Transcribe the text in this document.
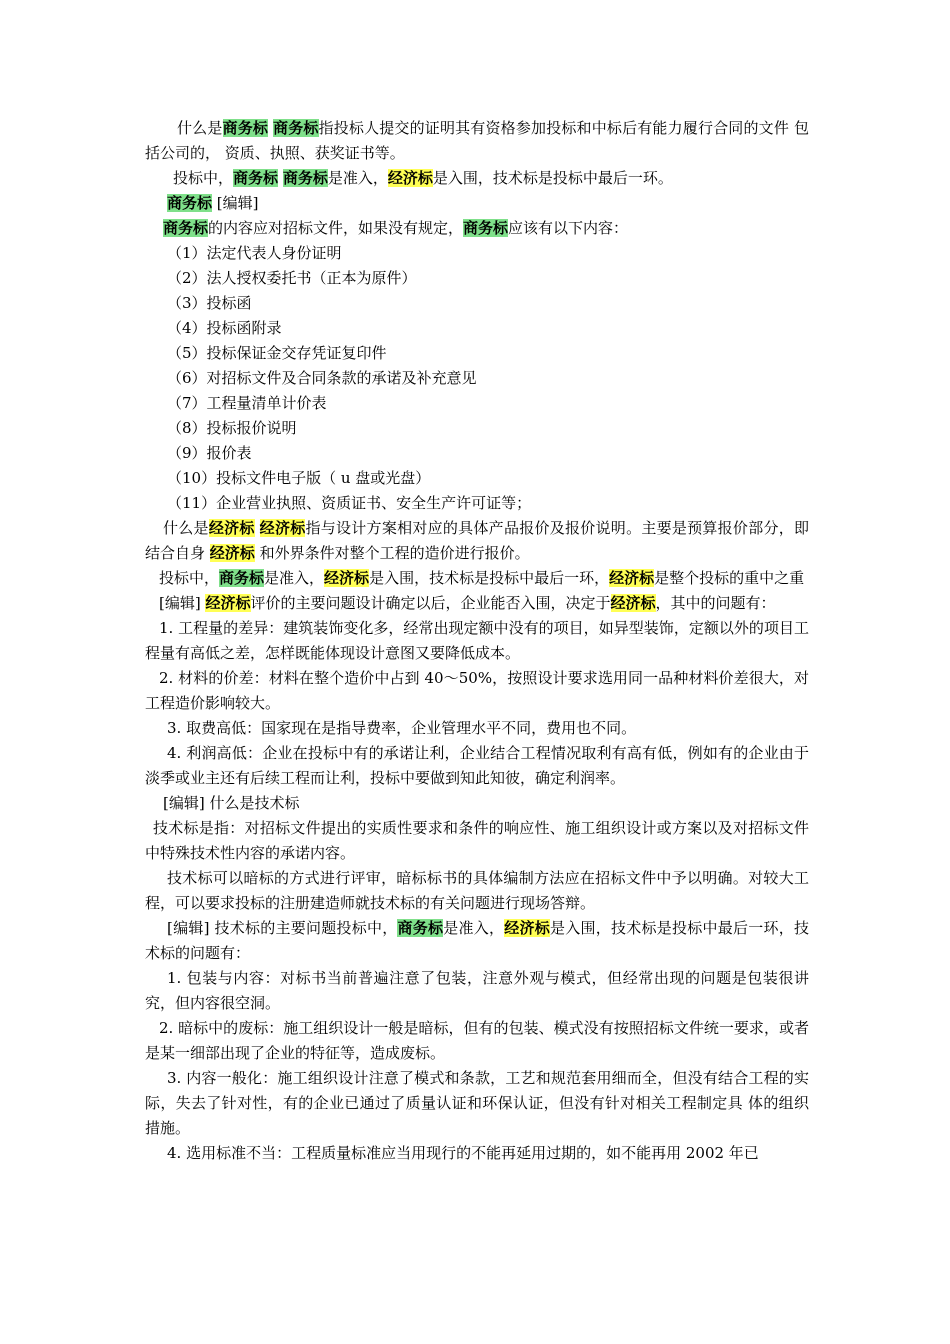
什么是商务标 商务标指投标人提交的证明其有资格参加投标和中标后有能力履行合同的文件 包括公司的， 资质、执照、获奖证书等。

投标中，商务标 商务标是准入，经济标是入围，技术标是投标中最后一环。

商务标 [编辑]

商务标的内容应对招标文件，如果没有规定，商务标应该有以下内容：

（1）法定代表人身份证明

（2）法人授权委托书（正本为原件）

（3）投标函

（4）投标函附录

（5）投标保证金交存凭证复印件

（6）对招标文件及合同条款的承诺及补充意见

（7）工程量清单计价表

（8）投标报价说明

（9）报价表

（10）投标文件电子版（ u 盘或光盘）

（11）企业营业执照、资质证书、安全生产许可证等；

什么是经济标 经济标指与设计方案相对应的具体产品报价及报价说明。主要是预算报价部分，即结合自身 经济标 和外界条件对整个工程的造价进行报价。

投标中，商务标是准入，经济标是入围，技术标是投标中最后一环，经济标是整个投标的重中之重

[编辑] 经济标评价的主要问题设计确定以后，企业能否入围，决定于经济标，其中的问题有：

1. 工程量的差异：建筑装饰变化多，经常出现定额中没有的项目，如异型装饰，定额以外的项目工程量有高低之差，怎样既能体现设计意图又要降低成本。

2. 材料的价差：材料在整个造价中占到 40～50%，按照设计要求选用同一品种材料价差很大，对工程造价影响较大。

3. 取费高低：国家现在是指导费率，企业管理水平不同，费用也不同。

4. 利润高低：企业在投标中有的承诺让利，企业结合工程情况取利有高有低，例如有的企业由于淡季或业主还有后续工程而让利，投标中要做到知此知彼，确定利润率。

[编辑] 什么是技术标

技术标是指：对招标文件提出的实质性要求和条件的响应性、施工组织设计或方案以及对招标文件中特殊技术性内容的承诺内容。

技术标可以暗标的方式进行评审，暗标标书的具体编制方法应在招标文件中予以明确。对较大工 程，可以要求投标的注册建造师就技术标的有关问题进行现场答辩。

[编辑] 技术标的主要问题投标中，商务标是准入，经济标是入围，技术标是投标中最后一环，技术标的问题有：

1. 包装与内容：对标书当前普遍注意了包装，注意外观与模式，但经常出现的问题是包装很讲究，但内容很空洞。

2. 暗标中的废标：施工组织设计一般是暗标，但有的包装、模式没有按照招标文件统一要求，或者是某一细部出现了企业的特征等，造成废标。

3. 内容一般化：施工组织设计注意了模式和条款，工艺和规范套用细而全，但没有结合工程的实际，失去了针对性，有的企业已通过了质量认证和环保认证，但没有针对相关工程制定具 体的组织措施。

4. 选用标准不当：工程质量标准应当用现行的不能再延用过期的，如不能再用 2002 年已
